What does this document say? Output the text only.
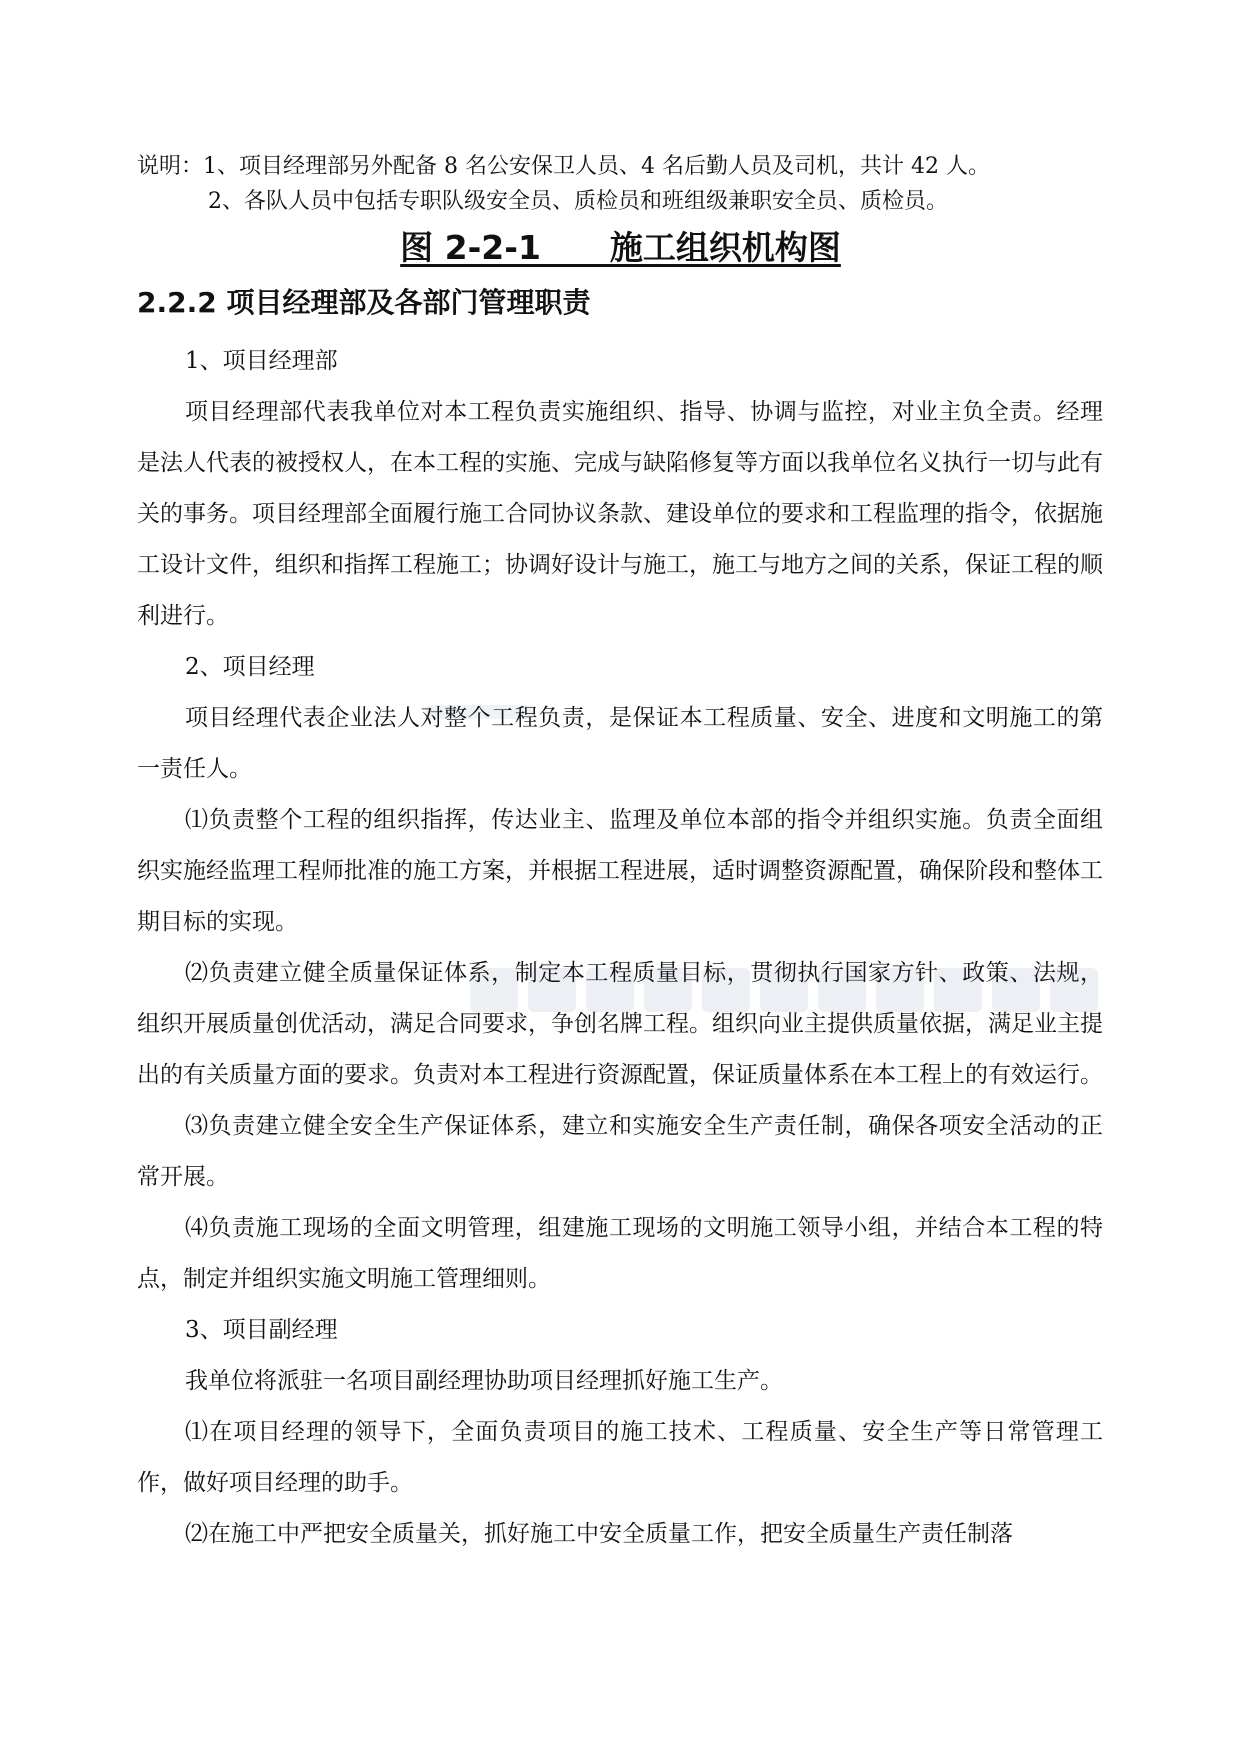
说明：1、项目经理部另外配备 8 名公安保卫人员、4 名后勤人员及司机，共计 42 人。
2、各队人员中包括专职队级安全员、质检员和班组级兼职安全员、质检员。
图 2-2-1      施工组织机构图
2.2.2 项目经理部及各部门管理职责

1、项目经理部

项目经理部代表我单位对本工程负责实施组织、指导、协调与监控，对业主负全责。经理是法人代表的被授权人，在本工程的实施、完成与缺陷修复等方面以我单位名义执行一切与此有关的事务。项目经理部全面履行施工合同协议条款、建设单位的要求和工程监理的指令，依据施工设计文件，组织和指挥工程施工；协调好设计与施工，施工与地方之间的关系，保证工程的顺利进行。

2、项目经理

项目经理代表企业法人对整个工程负责，是保证本工程质量、安全、进度和文明施工的第一责任人。

⑴负责整个工程的组织指挥，传达业主、监理及单位本部的指令并组织实施。负责全面组织实施经监理工程师批准的施工方案，并根据工程进展，适时调整资源配置，确保阶段和整体工期目标的实现。

⑵负责建立健全质量保证体系，制定本工程质量目标，贯彻执行国家方针、政策、法规，组织开展质量创优活动，满足合同要求，争创名牌工程。组织向业主提供质量依据，满足业主提出的有关质量方面的要求。负责对本工程进行资源配置，保证质量体系在本工程上的有效运行。

⑶负责建立健全安全生产保证体系，建立和实施安全生产责任制，确保各项安全活动的正常开展。

⑷负责施工现场的全面文明管理，组建施工现场的文明施工领导小组，并结合本工程的特点，制定并组织实施文明施工管理细则。

3、项目副经理

我单位将派驻一名项目副经理协助项目经理抓好施工生产。

⑴在项目经理的领导下，全面负责项目的施工技术、工程质量、安全生产等日常管理工作，做好项目经理的助手。

⑵在施工中严把安全质量关，抓好施工中安全质量工作，把安全质量生产责任制落
